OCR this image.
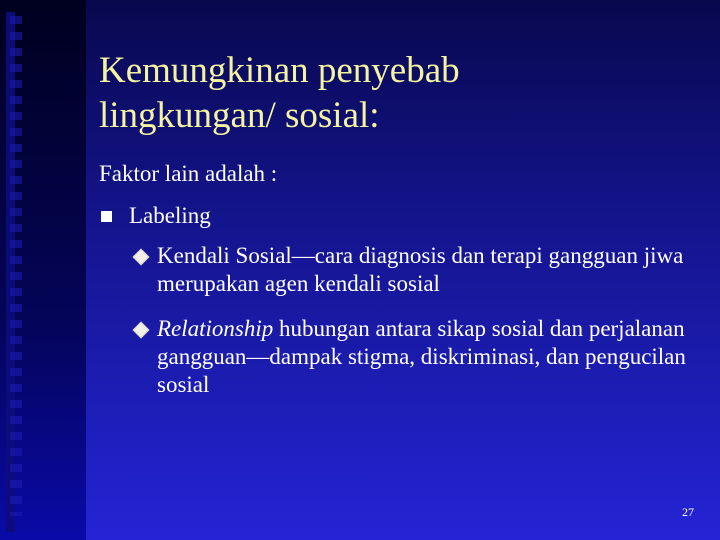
Kemungkinan penyebab
lingkungan/ sosial:
Faktor lain adalah :
Labeling

Kendali Sosial—cara diagnosis dan terapi gangguan jiwa merupakan agen kendali sosial

Relationship hubungan antara sikap sosial dan perjalanan gangguan—dampak stigma, diskriminasi, dan pengucilan sosial

27
